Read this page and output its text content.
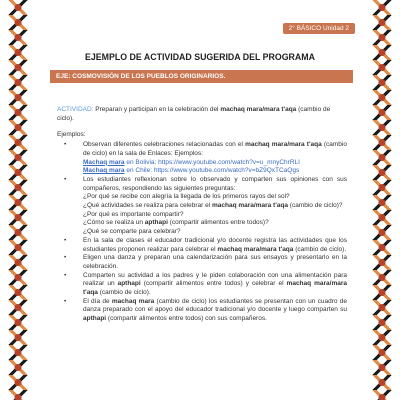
2° BÁSICO Unidad 2
EJEMPLO DE ACTIVIDAD SUGERIDA DEL PROGRAMA
EJE: COSMOVISIÓN DE LOS PUEBLOS ORIGINARIOS.

ACTIVIDAD: Preparan y participan en la celebración del machaq mara/mara t'aqa (cambio de ciclo).

Ejemplos:

• Observan diferentes celebraciones relacionadas con el machaq mara/mara t'aqa (cambio de ciclo) en la sala de Enlaces: Ejemplos:
Machaq mara en Bolivia: https://www.youtube.com/watch?v=u_mnyChrRLI
Machaq mara en Chile: https://www.youtube.com/watch?v=bZ9QxTCaQgs
• Los estudiantes reflexionan sobre lo observado y comparten sus opiniones con sus compañeros, respondiendo las siguientes preguntas:
¿Por qué se recibe con alegría la llegada de los primeros rayos del sol?
¿Qué actividades se realiza para celebrar el machaq mara/mara t'aqa (cambio de ciclo)?
¿Por qué es importante compartir?
¿Cómo se realiza un apthapi (compartir alimentos entre todos)?
¿Qué se comparte para celebrar?
• En la sala de clases el educador tradicional y/o docente registra las actividades que los estudiantes proponen realizar para celebrar el machaq mara/mara t'aqa (cambio de ciclo).
• Eligen una danza y preparan una calendarización para sus ensayos y presentarlo en la celebración.
• Comparten su actividad a los padres y le piden colaboración con una alimentación para realizar un apthapi (compartir alimentos entre todos) y celebrar el machaq mara/mara t'aqa (cambio de ciclo).
• El día de machaq mara (cambio de ciclo) los estudiantes se presentan con un cuadro de danza preparado con el apoyo del educador tradicional y/o docente y luego comparten su apthapi (compartir alimentos entre todos) con sus compañeros.
